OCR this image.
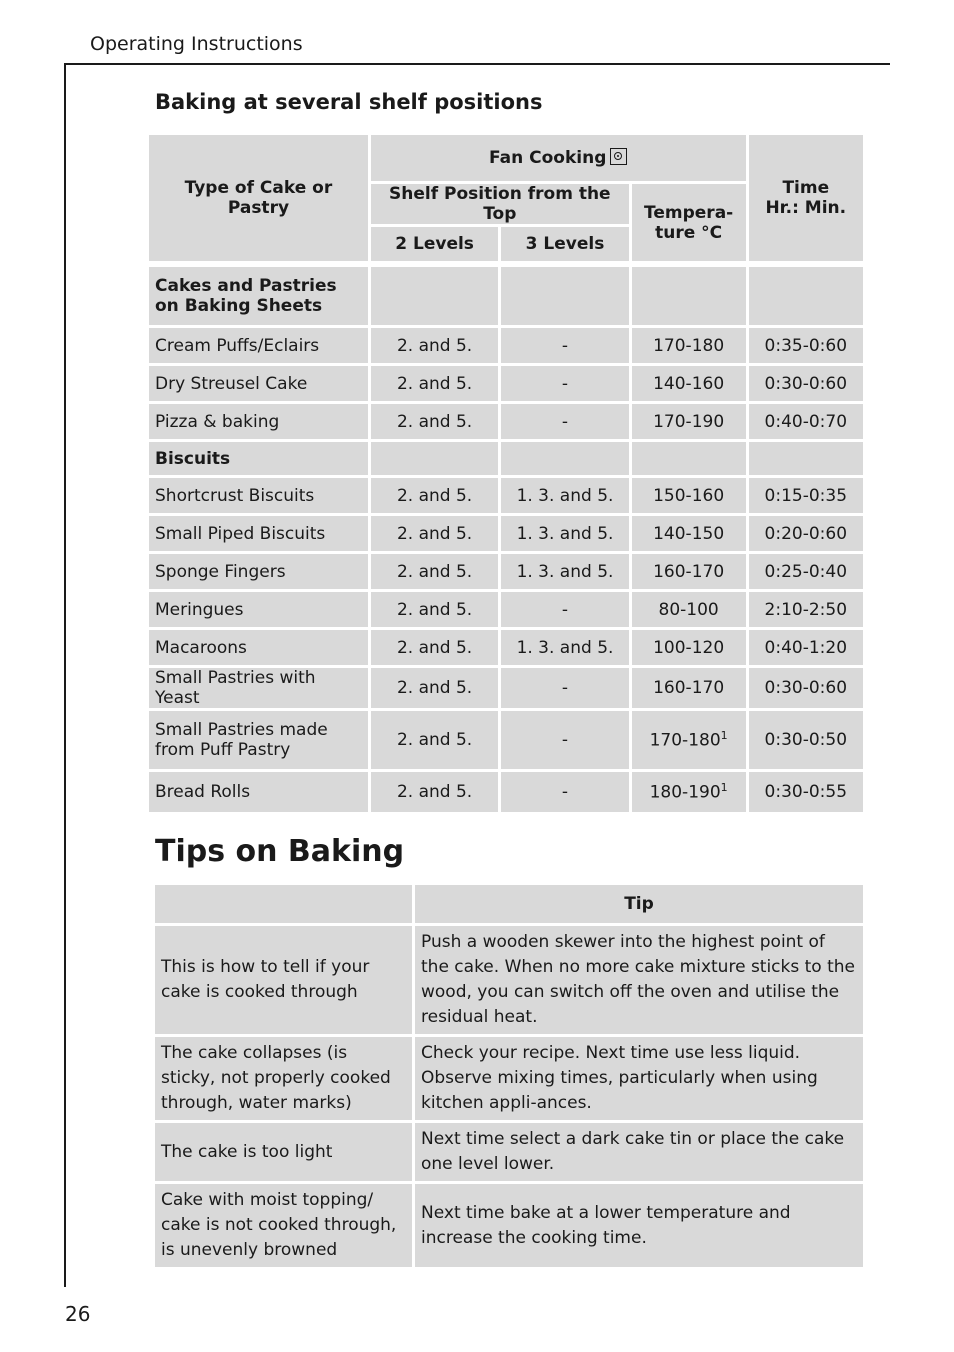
Operating Instructions
Baking at several shelf positions
Type of Cake or Pastry	Fan Cooking			Time
Hr.: Min.
	Shelf Position from the Top		Tempera-
ture °C	
	2 Levels	3 Levels		

Cakes and Pastries on Baking Sheets				
Cream Puffs/Eclairs	2. and 5.	-	170-180	0:35-0:60
Dry Streusel Cake	2. and 5.	-	140-160	0:30-0:60
Pizza & baking	2. and 5.	-	170-190	0:40-0:70
Biscuits				
Shortcrust Biscuits	2. and 5.	1. 3. and 5.	150-160	0:15-0:35
Small Piped Biscuits	2. and 5.	1. 3. and 5.	140-150	0:20-0:60
Sponge Fingers	2. and 5.	1. 3. and 5.	160-170	0:25-0:40
Meringues	2. and 5.	-	80-100	2:10-2:50
Macaroons	2. and 5.	1. 3. and 5.	100-120	0:40-1:20
Small Pastries with Yeast	2. and 5.	-	160-170	0:30-0:60
Small Pastries made from Puff Pastry	2. and 5.	-	$170-180^1$	0:30-0:50
Bread Rolls	2. and 5.	-	$180-190^1$	0:30-0:55
Tips on Baking
	Tip
This is how to tell if your cake is cooked through	Push a wooden skewer into the highest point of the cake. When no more cake mixture sticks to the wood, you can switch off the oven and utilise the residual heat.
The cake collapses (is sticky, not properly cooked through, water marks)	Check your recipe. Next time use less liquid. Observe mixing times, particularly when using kitchen appli-ances.
The cake is too light	Next time select a dark cake tin or place the cake one level lower.
Cake with moist topping/ cake is not cooked through, is unevenly browned	Next time bake at a lower temperature and increase the cooking time.
26
